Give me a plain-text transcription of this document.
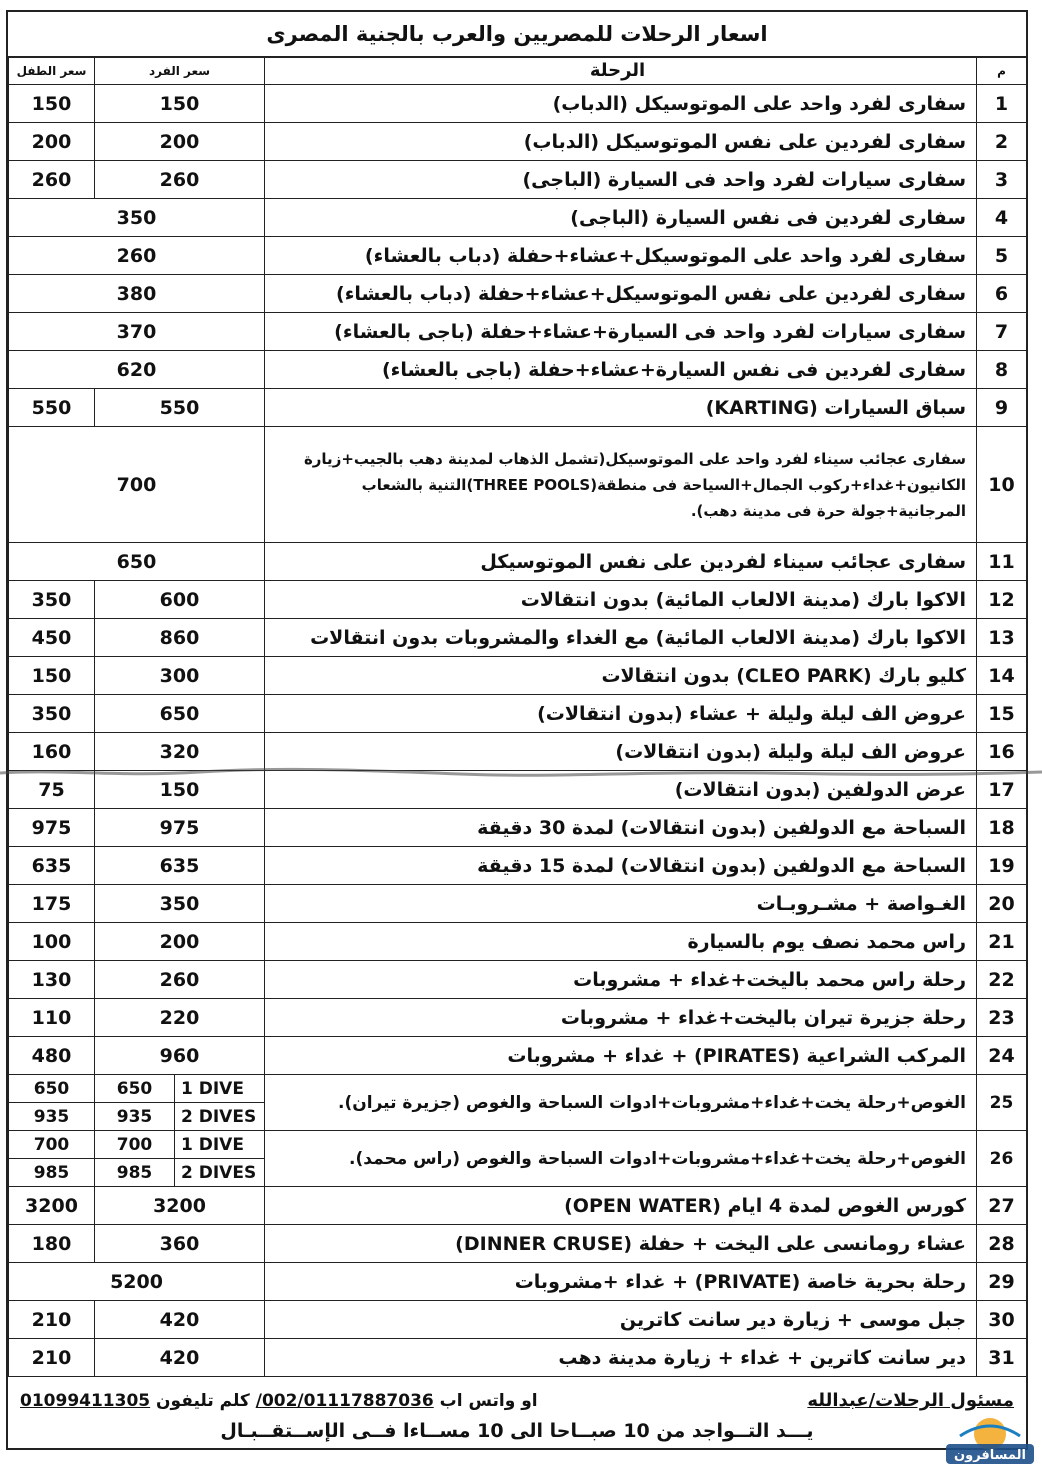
اسعار الرحلات للمصريين والعرب بالجنية المصرى
سعر الطفل	سعر الفرد		الرحلة	م
150	150		سفارى لفرد واحد على الموتوسيكل (الدباب)	1
200	200		سفارى لفردين على نفس الموتوسيكل (الدباب)	2
260	260		سفارى سيارات لفرد واحد فى السيارة (الباجى)	3
350			سفارى لفردين فى نفس السيارة (الباجى)	4
260			سفارى لفرد واحد على الموتوسيكل+عشاء+حفلة (دباب بالعشاء)	5
380			سفارى لفردين على نفس الموتوسيكل+عشاء+حفلة (دباب بالعشاء)	6
370			سفارى سيارات لفرد واحد فى السيارة+عشاء+حفلة (باجى بالعشاء)	7
620			سفارى لفردين فى نفس السيارة+عشاء+حفلة (باجى بالعشاء)	8
550	550		سباق السيارات (KARTING)	9
700			سفارى عجائب سيناء لفرد واحد على الموتوسيكل(تشمل الذهاب لمدينة دهب بالجيب+زيارة الكانيون+غداء+ركوب الجمال+السياحة فى منطقة(THREE POOLS)التنية بالشعاب المرجانية+جولة حرة فى مدينة دهب).	10
650			سفارى عجائب سيناء لفردين على نفس الموتوسيكل	11
350	600		الاكوا بارك (مدينة الالعاب المائية) بدون انتقالات	12
450	860		الاكوا بارك (مدينة الالعاب المائية) مع الغداء والمشروبات بدون انتقالات	13
150	300		كليو بارك (CLEO PARK) بدون انتقالات	14
350	650		عروض الف ليلة وليلة + عشاء (بدون انتقالات)	15
160	320		عروض الف ليلة وليلة (بدون انتقالات)	16
75	150		عرض الدولفين (بدون انتقالات)	17
975	975		السباحة مع الدولفين (بدون انتقالات) لمدة 30 دقيقة	18
635	635		السباحة مع الدولفين (بدون انتقالات) لمدة 15 دقيقة	19
175	350		الغـواصة + مشـروبـات	20
100	200		راس محمد نصف يوم بالسيارة	21
130	260		رحلة راس محمد باليخت+غداء + مشروبات	22
110	220		رحلة جزيرة تيران باليخت+غداء + مشروبات	23
480	960		المركب الشراعية (PIRATES) + غداء + مشروبات	24
650	650	1 DIVE	الغوص+رحلة يخت+غداء+مشروبات+ادوات السباحة والغوص (جزيرة تيران).	25
935	935	2 DIVES		
700	700	1 DIVE	الغوص+رحلة يخت+غداء+مشروبات+ادوات السباحة والغوص (راس محمد).	26
985	985	2 DIVES		
3200	3200		كورس الغوص لمدة 4 ايام (OPEN WATER)	27
180	360		عشاء رومانسى على اليخت + حفلة (DINNER CRUSE)	28
5200			رحلة بحرية خاصة (PRIVATE) + غداء +مشروبات	29
210	420		جبل موسى + زيارة دير سانت كاترين	30
210	420		دير سانت كاترين + غداء + زيارة مدينة دهب	31
مسئول الرحلات/عبدالله
01099411305	او واتس اب 002/01117887036/ كلم تليفون
يـــد التــواجد من 10 صبــاحا الى 10 مســاءا فــى الإســتقــبـال
المسافرون
